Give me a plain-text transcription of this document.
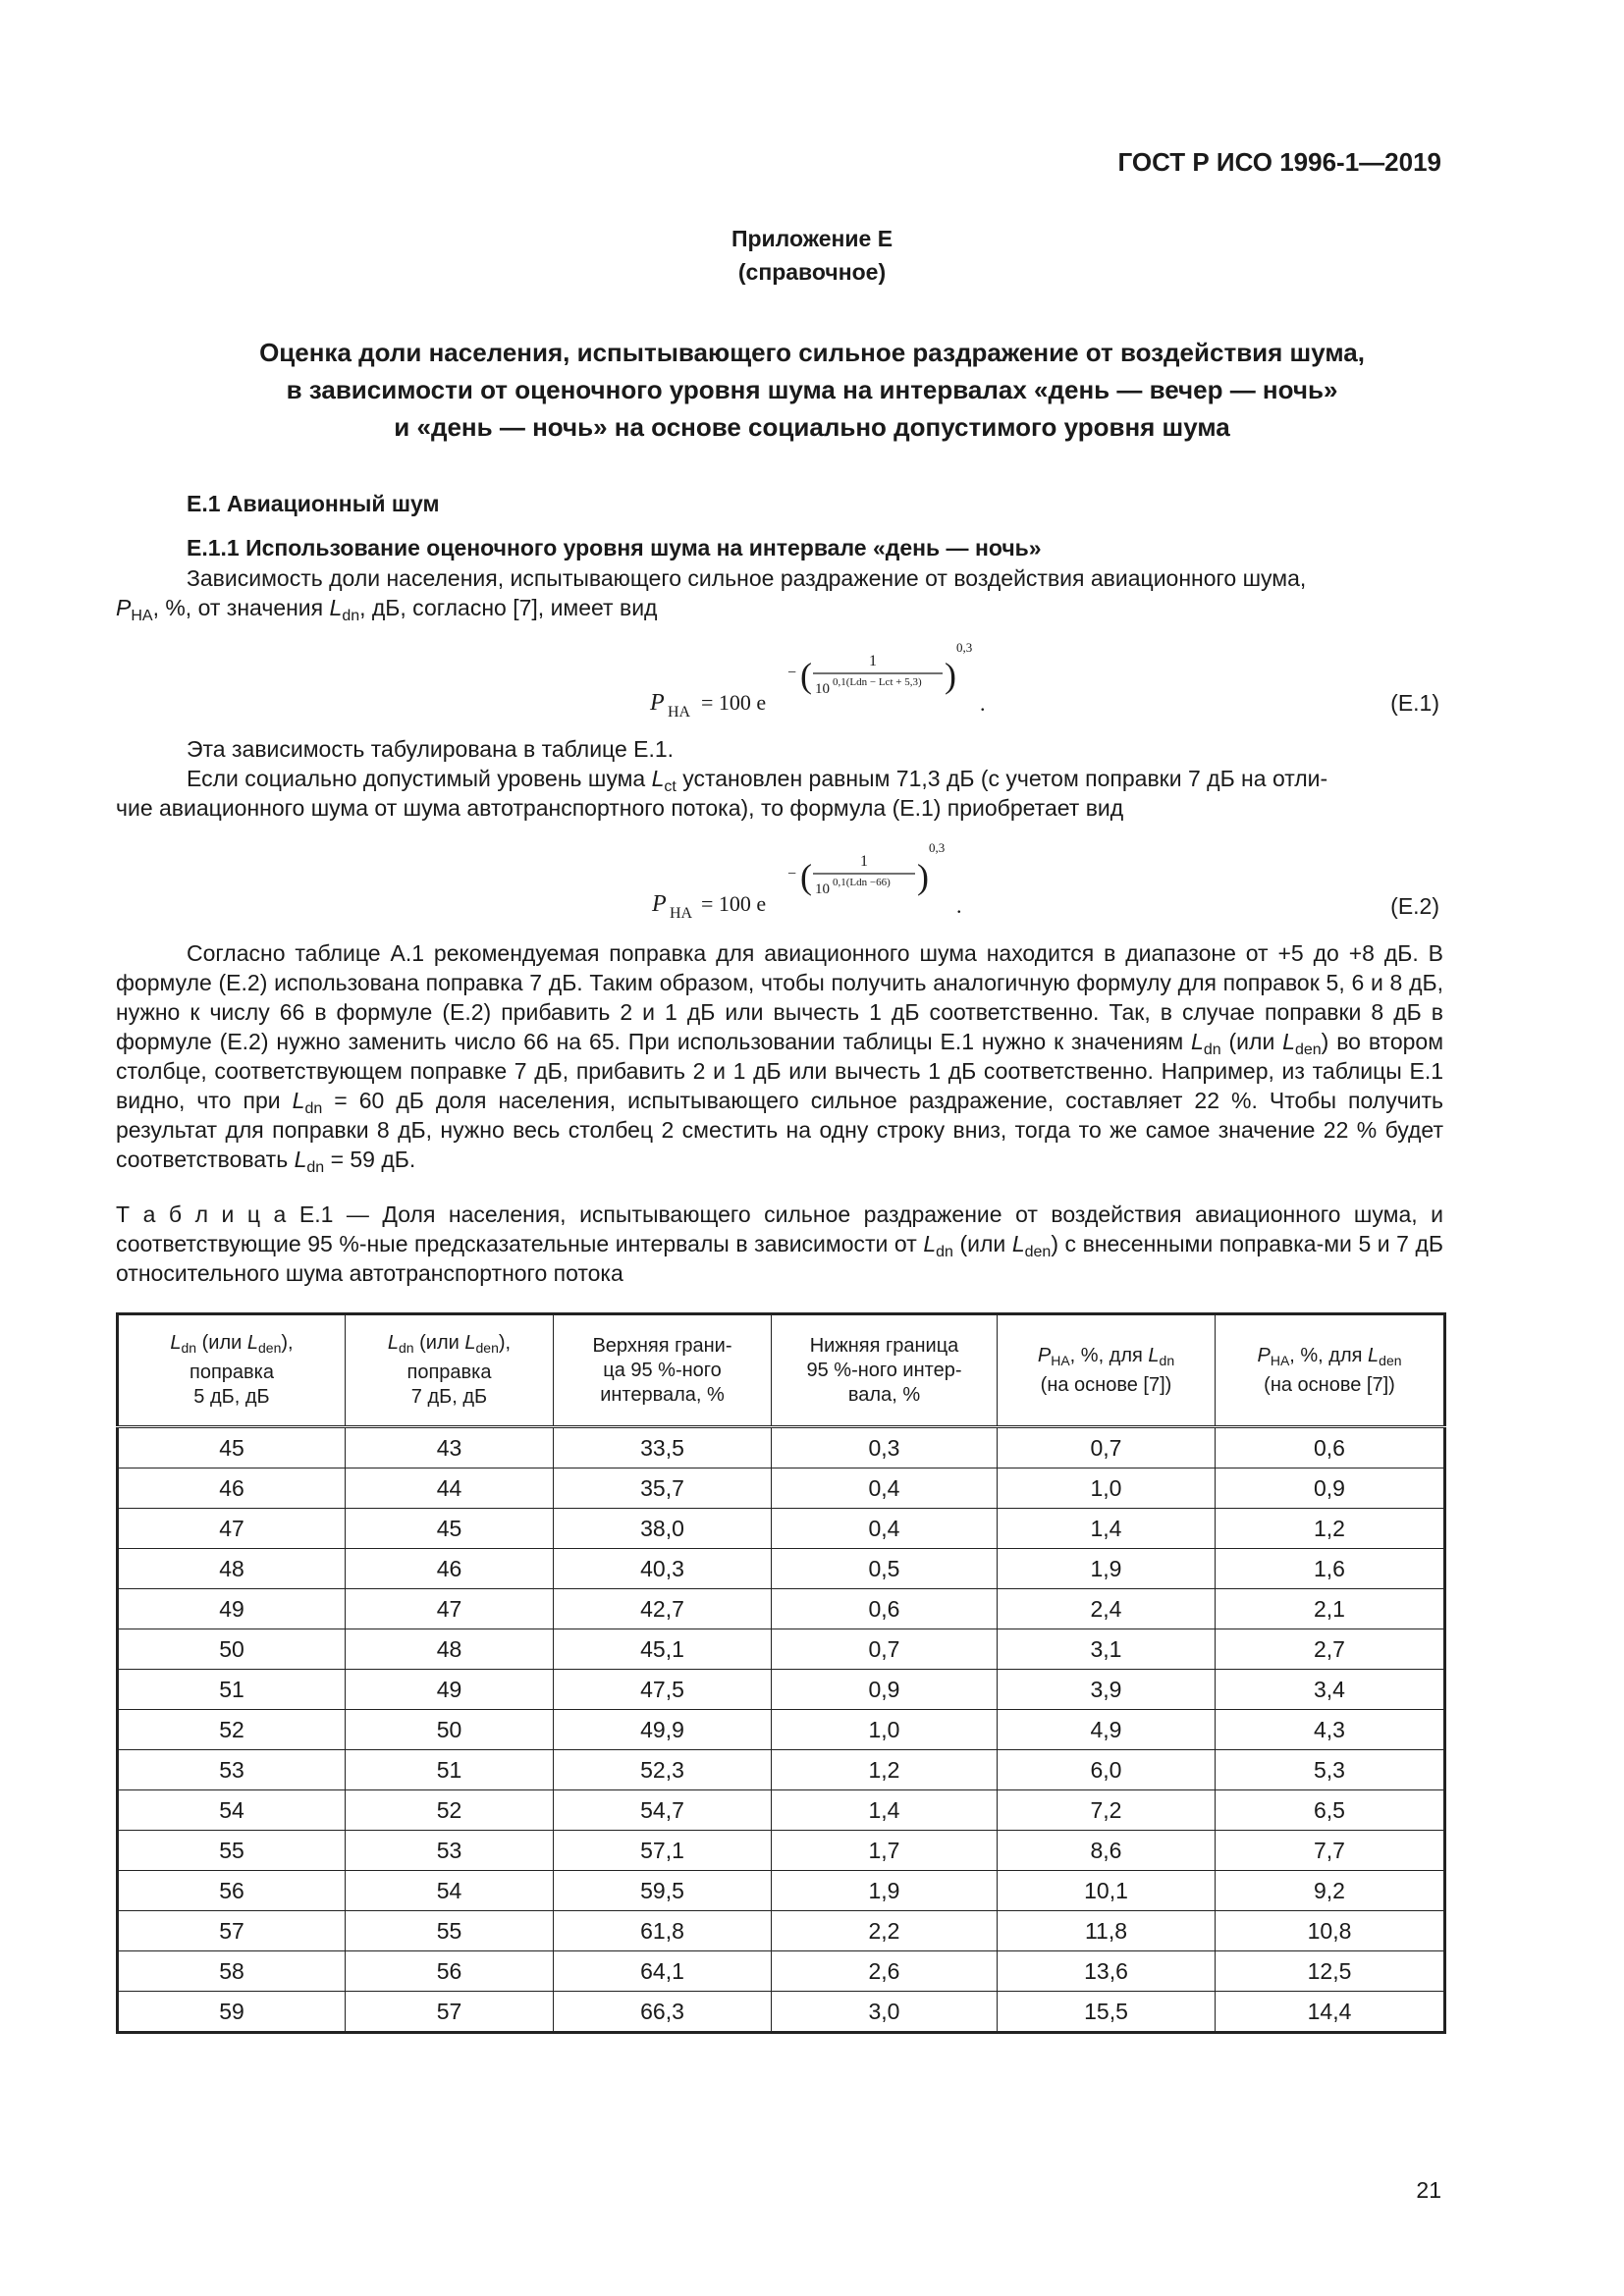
ГОСТ Р ИСО 1996-1—2019
Приложение Е
(справочное)
Оценка доли населения, испытывающего сильное раздражение от воздействия шума,
в зависимости от оценочного уровня шума на интервалах «день — вечер — ночь»
и «день — ночь» на основе социально допустимого уровня шума
Е.1 Авиационный шум
Е.1.1 Использование оценочного уровня шума на интервале «день — ночь»
Зависимость доли населения, испытывающего сильное раздражение от воздействия авиационного шума,
$P_{HA}$, %, от значения $L_{dn}$, дБ, согласно [7], имеет вид
P HA = 100 e
− (	1
10 0,1(Ldn − Lct + 5,3) )
0,3
.	(Е.1)
Эта зависимость табулирована в таблице Е.1.
Если социально допустимый уровень шума $L_{ct}$ установлен равным 71,3 дБ (с учетом поправки 7 дБ на отли-
чие авиационного шума от шума автотранспортного потока), то формула (Е.1) приобретает вид
P HA = 100 e
− (	1
10 0,1(Ldn −66) )
0,3
.	(Е.2)
Согласно таблице А.1 рекомендуемая поправка для авиационного шума находится в диапазоне от +5 до +8 дБ. В формуле (Е.2) использована поправка 7 дБ. Таким образом, чтобы получить аналогичную формулу для поправок 5, 6 и 8 дБ, нужно к числу 66 в формуле (Е.2) прибавить 2 и 1 дБ или вычесть 1 дБ соответственно. Так, в случае поправки 8 дБ в формуле (Е.2) нужно заменить число 66 на 65. При использовании таблицы Е.1 нужно к значениям $L_{dn}$ (или $L_{den}$) во втором столбце, соответствующем поправке 7 дБ, прибавить 2 и 1 дБ или вычесть 1 дБ соответственно. Например, из таблицы Е.1 видно, что при $L_{dn} = 60$ дБ доля населения, испытывающего сильное раздражение, составляет 22 %. Чтобы получить результат для поправки 8 дБ, нужно весь столбец 2 сместить на одну строку вниз, тогда то же самое значение 22 % будет соответствовать $L_{dn} = 59$ дБ.
Т а б л и ц а Е.1 — Доля населения, испытывающего сильное раздражение от воздействия авиационного шума, и соответствующие 95 %-ные предсказательные интервалы в зависимости от $L_{dn}$ (или $L_{den}$) с внесенными поправка-ми 5 и 7 дБ относительного шума автотранспортного потока
$L_{dn}$ (или $L_{den}$),
поправка
5 дБ, дБ	$L_{dn}$ (или $L_{den}$),
поправка
7 дБ, дБ	Верхняя грани-
ца 95 %-ного
интервала, %	Нижняя граница
95 %-ного интер-
вала, %	$P_{HA}$, %, для $L_{dn}$
(на основе [7])	$P_{HA}$, %, для $L_{den}$
(на основе [7])
45	43	33,5	0,3	0,7	0,6
46	44	35,7	0,4	1,0	0,9
47	45	38,0	0,4	1,4	1,2
48	46	40,3	0,5	1,9	1,6
49	47	42,7	0,6	2,4	2,1
50	48	45,1	0,7	3,1	2,7
51	49	47,5	0,9	3,9	3,4
52	50	49,9	1,0	4,9	4,3
53	51	52,3	1,2	6,0	5,3
54	52	54,7	1,4	7,2	6,5
55	53	57,1	1,7	8,6	7,7
56	54	59,5	1,9	10,1	9,2
57	55	61,8	2,2	11,8	10,8
58	56	64,1	2,6	13,6	12,5
59	57	66,3	3,0	15,5	14,4
21
